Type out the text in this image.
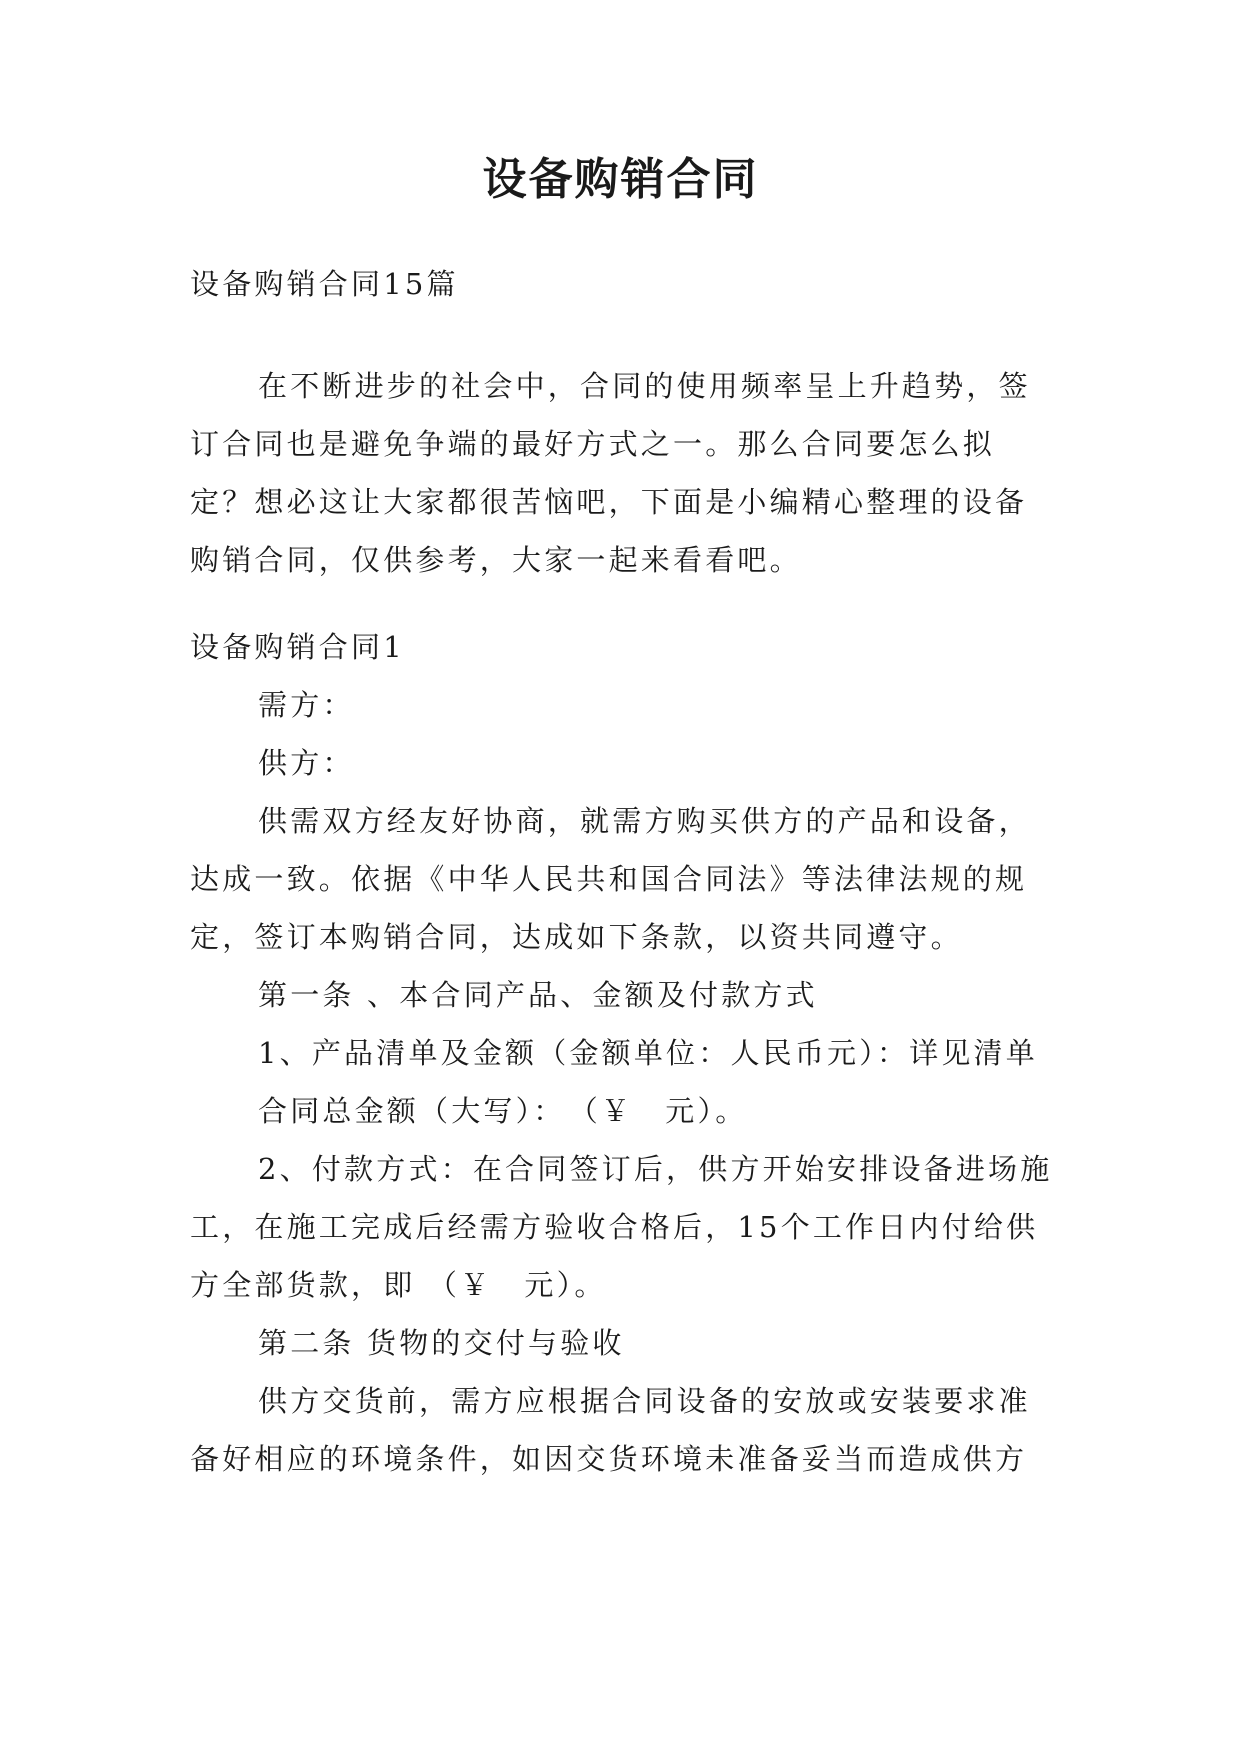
设备购销合同

设备购销合同15篇

在不断进步的社会中，合同的使用频率呈上升趋势，签订合同也是避免争端的最好方式之一。那么合同要怎么拟定？想必这让大家都很苦恼吧，下面是小编精心整理的设备购销合同，仅供参考，大家一起来看看吧。

设备购销合同1

需方：

供方：

供需双方经友好协商，就需方购买供方的产品和设备，达成一致。依据《中华人民共和国合同法》等法律法规的规定，签订本购销合同，达成如下条款，以资共同遵守。

第一条 、本合同产品、金额及付款方式

1、产品清单及金额（金额单位：人民币元）：详见清单

合同总金额（大写）：　（￥　元）。

2、付款方式：在合同签订后，供方开始安排设备进场施工，在施工完成后经需方验收合格后，15个工作日内付给供方全部货款，即 （￥　元）。

第二条 货物的交付与验收

供方交货前，需方应根据合同设备的安放或安装要求准备好相应的环境条件，如因交货环境未准备妥当而造成供方
